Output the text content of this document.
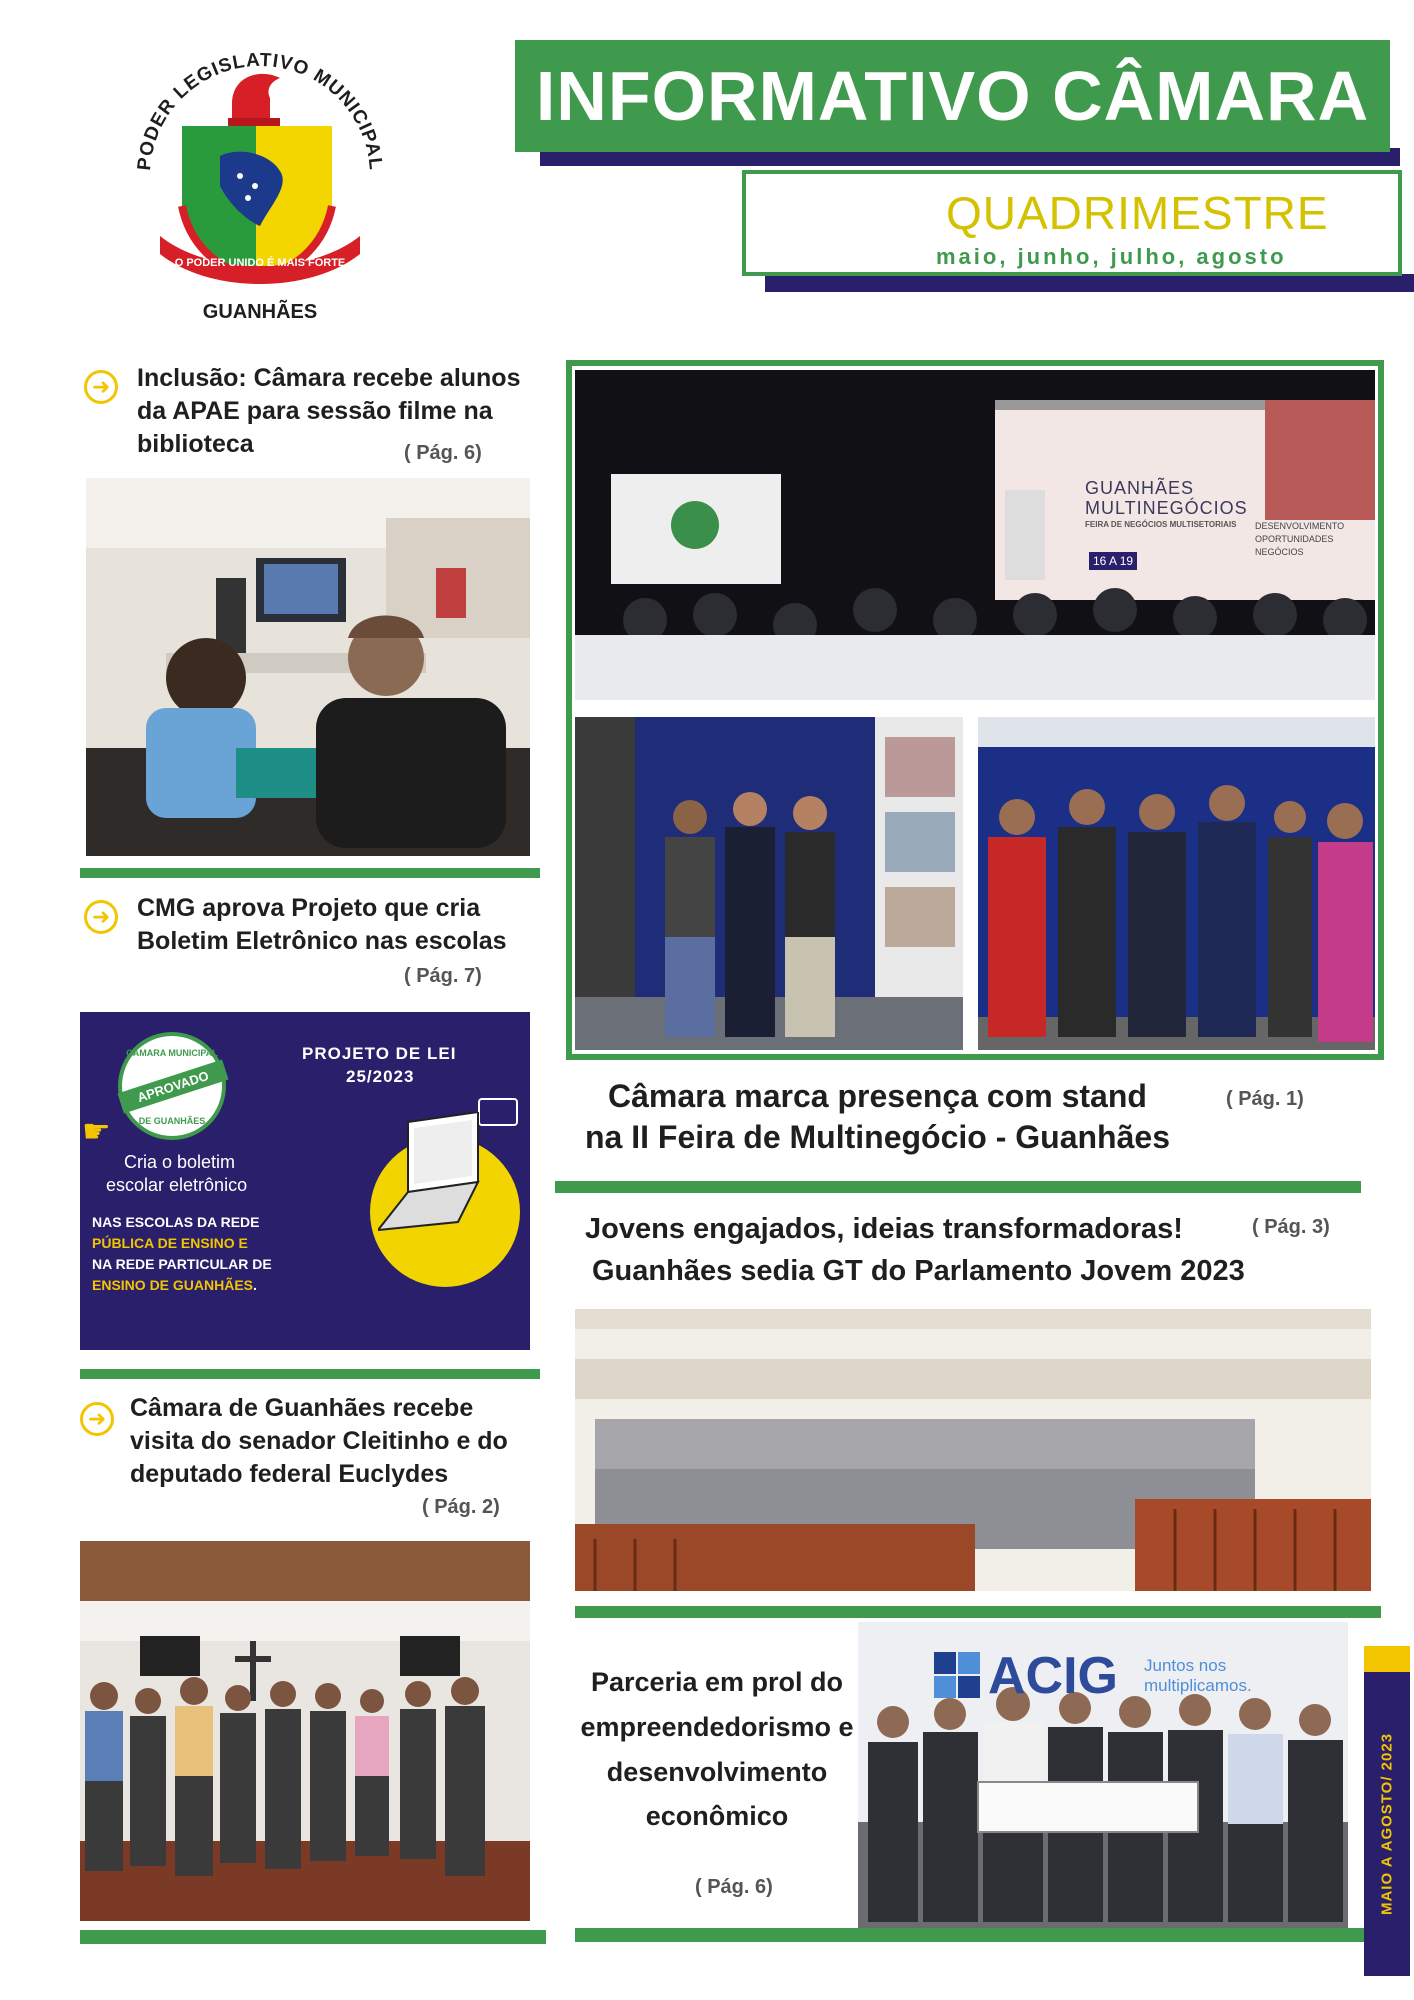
INFORMATIVO CÂMARA
QUADRIMESTRE
maio, junho, julho, agosto
PODER LEGISLATIVO MUNICIPAL
O PODER UNIDO É MAIS FORTE
GUANHÃES
➜	Inclusão: Câmara recebe alunos da APAE para sessão filme na biblioteca	( Pág. 6)
➜	CMG aprova Projeto que cria Boletim Eletrônico nas escolas
( Pág. 7)
CÂMARA MUNICIPAL
APROVADO
DE GUANHÃES
☛
PROJETO DE LEI
25/2023
Cria o boletim
escolar eletrônico
NAS ESCOLAS DA REDE
PÚBLICA DE ENSINO E
NA REDE PARTICULAR DE
ENSINO DE GUANHÃES.
➜ Câmara de Guanhães recebe visita do senador Cleitinho e do deputado federal Euclydes
( Pág. 2)
GUANHÃES
MULTINEGÓCIOS
FEIRA DE NEGÓCIOS MULTISETORIAIS
16 A 19
DESENVOLVIMENTO
OPORTUNIDADES
NEGÓCIOS
Câmara marca presença com stand	( Pág. 1)
na II Feira de Multinegócio - Guanhães
Jovens engajados, ideias transformadoras!	( Pág. 3)
Guanhães sedia GT do Parlamento Jovem 2023
ACIG Juntos nos
multiplicamos.
Parceria em prol do empreendedorismo e desenvolvimento econômico
( Pág. 6)	MAIO A AGOSTO/ 2023
